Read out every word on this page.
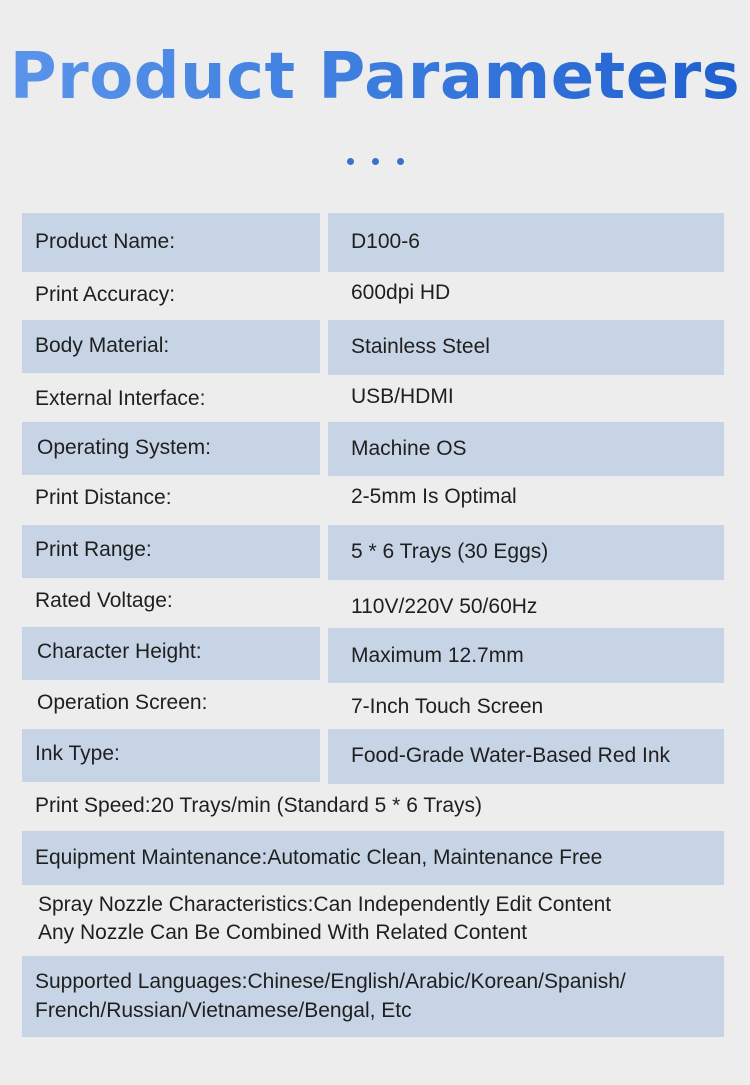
Product Parameters
Product Name:	D100-6
Print Accuracy:	600dpi HD
Body Material:	Stainless Steel
External Interface:	USB/HDMI
Operating System:	Machine OS
Print Distance:	2-5mm Is Optimal
Print Range:	5 * 6 Trays (30 Eggs)
Rated Voltage:	110V/220V 50/60Hz
Character Height:	Maximum 12.7mm
Operation Screen:	7-Inch Touch Screen
Ink Type:	Food-Grade Water-Based Red Ink
Print Speed:20 Trays/min (Standard 5 * 6 Trays)
Equipment Maintenance:Automatic Clean, Maintenance Free
Spray Nozzle Characteristics:Can Independently Edit Content
Any Nozzle Can Be Combined With Related Content
Supported Languages:Chinese/English/Arabic/Korean/Spanish/
French/Russian/Vietnamese/Bengal, Etc
